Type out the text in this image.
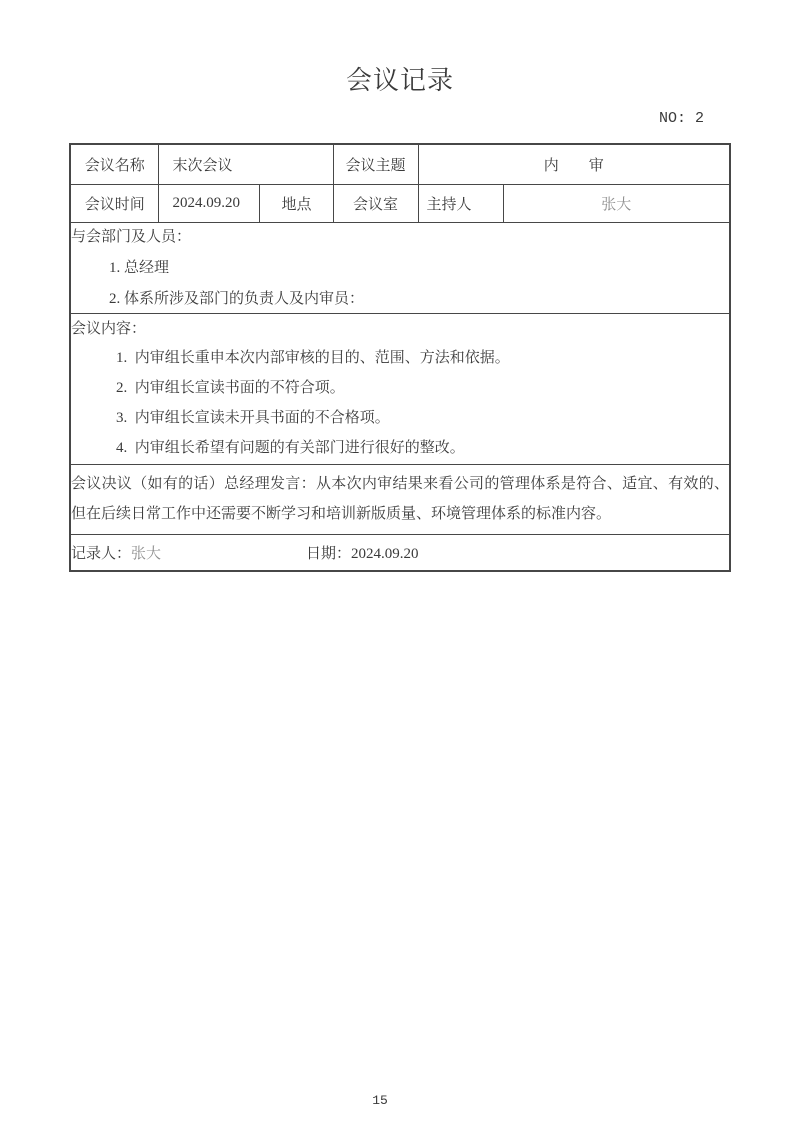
会议记录
NO: 2
会议名称	末次会议		会议主题	内　　审	
会议时间	2024.09.20	地点	会议室	主持人	张大

与会部门及人员：
1. 总经理
2. 体系所涉及部门的负责人及内审员：					

会议内容：
1.  内审组长重申本次内部审核的目的、范围、方法和依据。
2.  内审组长宣读书面的不符合项。
3.  内审组长宣读未开具书面的不合格项。
4.  内审组长希望有问题的有关部门进行很好的整改。					

会议决议（如有的话）总经理发言：从本次内审结果来看公司的管理体系是符合、适宜、有效的、但在后续日常工作中还需要不断学习和培训新版质量、环境管理体系的标准内容。					

记录人：张大 日期：2024.09.20					
15
